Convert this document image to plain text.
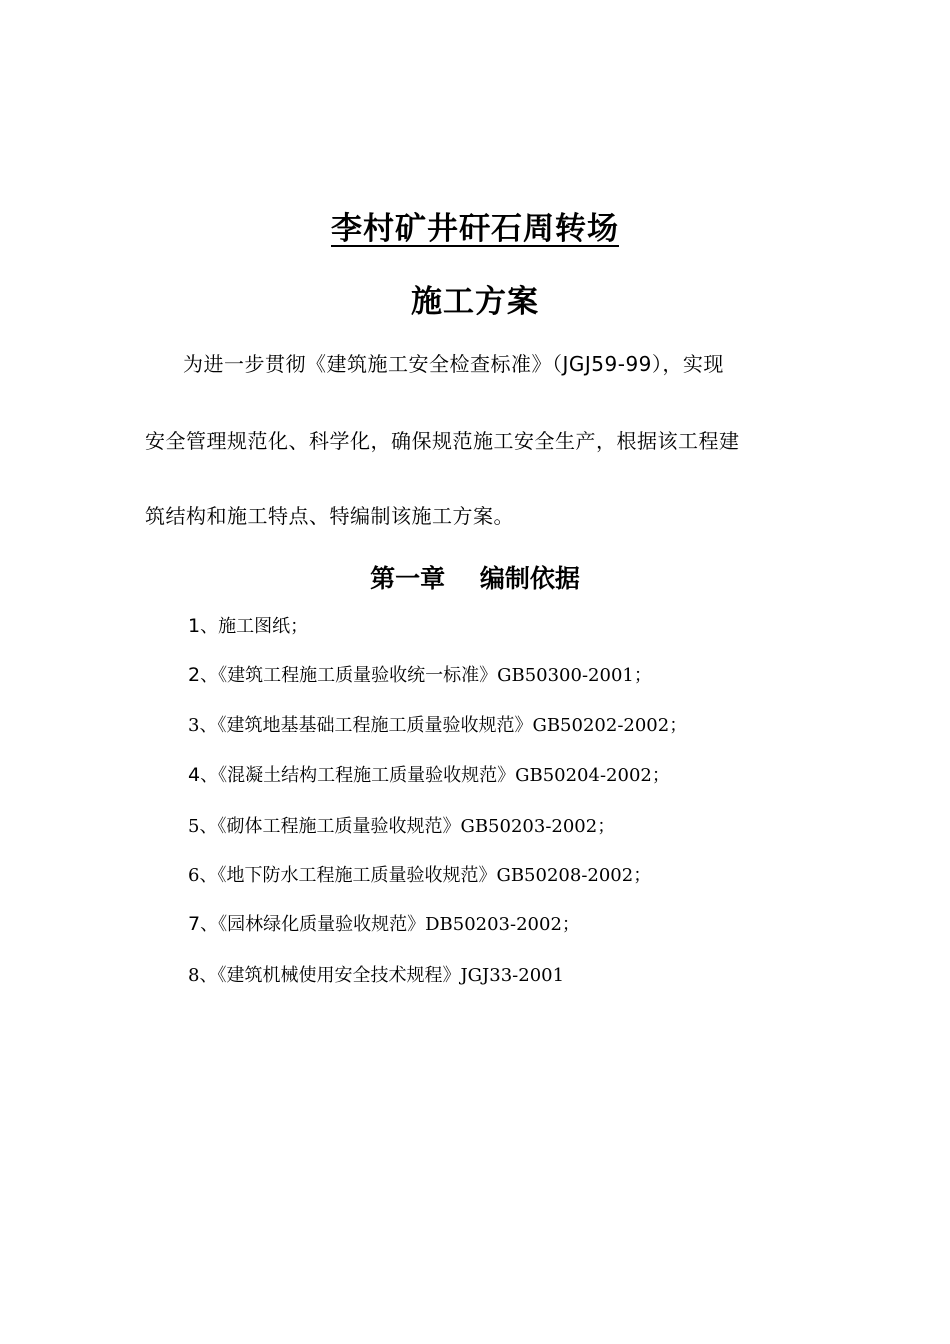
李村矿井矸石周转场
施工方案
为进一步贯彻《建筑施工安全检查标准》（JGJ59-99），实现
安全管理规范化、科学化，确保规范施工安全生产，根据该工程建
筑结构和施工特点、特编制该施工方案。
第一章    编制依据
1、施工图纸；
2、《建筑工程施工质量验收统一标准》GB50300-2001；
3、《建筑地基基础工程施工质量验收规范》GB50202-2002；
4、《混凝土结构工程施工质量验收规范》GB50204-2002；
5、《砌体工程施工质量验收规范》GB50203-2002；
6、《地下防水工程施工质量验收规范》GB50208-2002；
7、《园林绿化质量验收规范》DB50203-2002；
8、《建筑机械使用安全技术规程》JGJ33-2001
